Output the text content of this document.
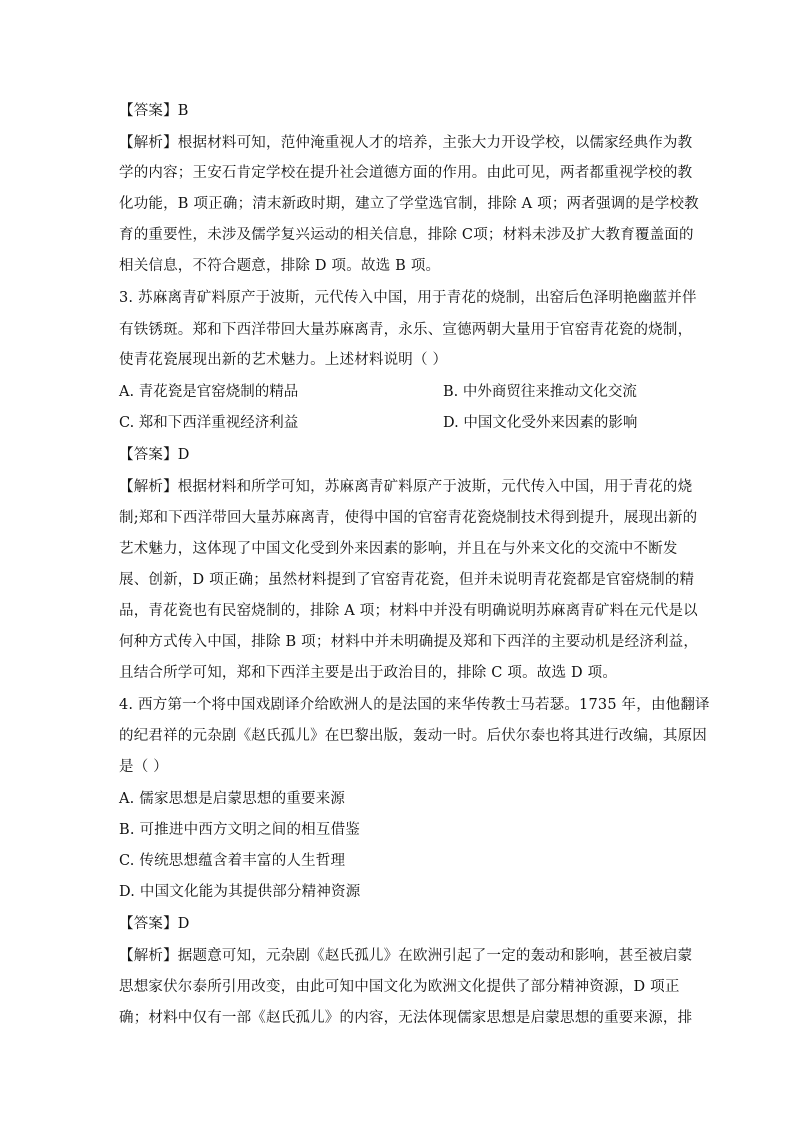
【答案】B
【解析】根据材料可知，范仲淹重视人才的培养，主张大力开设学校，以儒家经典作为教
学的内容；王安石肯定学校在提升社会道德方面的作用。由此可见，两者都重视学校的教
化功能，B 项正确；清末新政时期，建立了学堂选官制，排除 A 项；两者强调的是学校教
育的重要性，未涉及儒学复兴运动的相关信息，排除 C项；材料未涉及扩大教育覆盖面的
相关信息，不符合题意，排除 D 项。故选 B 项。
3. 苏麻离青矿料原产于波斯，元代传入中国，用于青花的烧制，出窑后色泽明艳幽蓝并伴
有铁锈斑。郑和下西洋带回大量苏麻离青，永乐、宣德两朝大量用于官窑青花瓷的烧制，
使青花瓷展现出新的艺术魅力。上述材料说明（ ）
A. 青花瓷是官窑烧制的精品	B. 中外商贸往来推动文化交流
C. 郑和下西洋重视经济利益	D. 中国文化受外来因素的影响
【答案】D
【解析】根据材料和所学可知，苏麻离青矿料原产于波斯，元代传入中国，用于青花的烧
制;郑和下西洋带回大量苏麻离青，使得中国的官窑青花瓷烧制技术得到提升，展现出新的
艺术魅力，这体现了中国文化受到外来因素的影响，并且在与外来文化的交流中不断发
展、创新，D 项正确；虽然材料提到了官窑青花瓷，但并未说明青花瓷都是官窑烧制的精
品，青花瓷也有民窑烧制的，排除 A 项；材料中并没有明确说明苏麻离青矿料在元代是以
何种方式传入中国，排除 B 项；材料中并未明确提及郑和下西洋的主要动机是经济利益，
且结合所学可知，郑和下西洋主要是出于政治目的，排除 C 项。故选 D 项。
4. 西方第一个将中国戏剧译介给欧洲人的是法国的来华传教士马若瑟。1735 年，由他翻译
的纪君祥的元杂剧《赵氏孤儿》在巴黎出版，轰动一时。后伏尔泰也将其进行改编，其原因
是（ ）
A. 儒家思想是启蒙思想的重要来源
B. 可推进中西方文明之间的相互借鉴
C. 传统思想蕴含着丰富的人生哲理
D. 中国文化能为其提供部分精神资源
【答案】D
【解析】据题意可知，元杂剧《赵氏孤儿》在欧洲引起了一定的轰动和影响，甚至被启蒙
思想家伏尔泰所引用改变，由此可知中国文化为欧洲文化提供了部分精神资源，D 项正
确；材料中仅有一部《赵氏孤儿》的内容，无法体现儒家思想是启蒙思想的重要来源，排
